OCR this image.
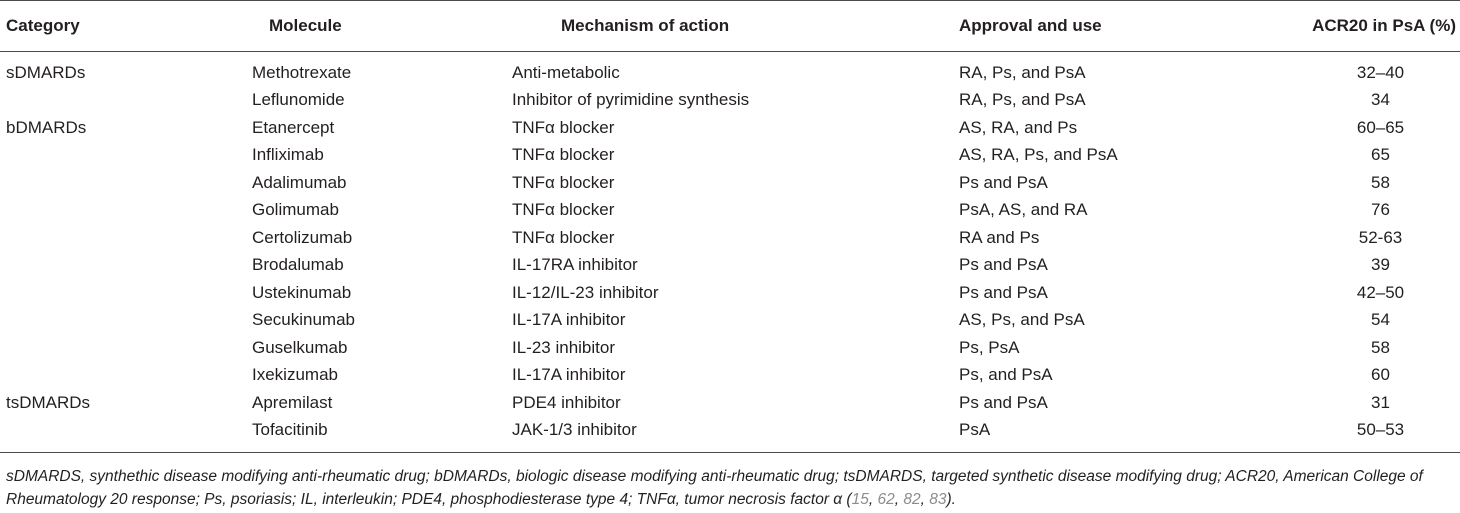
Category	Molecule	Mechanism of action	Approval and use	ACR20 in PsA (%)
sDMARDs	Methotrexate	Anti-metabolic	RA, Ps, and PsA	32–40
	Leflunomide	Inhibitor of pyrimidine synthesis	RA, Ps, and PsA	34
bDMARDs	Etanercept	TNFα blocker	AS, RA, and Ps	60–65
	Infliximab	TNFα blocker	AS, RA, Ps, and PsA	65
	Adalimumab	TNFα blocker	Ps and PsA	58
	Golimumab	TNFα blocker	PsA, AS, and RA	76
	Certolizumab	TNFα blocker	RA and Ps	52-63
	Brodalumab	IL-17RA inhibitor	Ps and PsA	39
	Ustekinumab	IL-12/IL-23 inhibitor	Ps and PsA	42–50
	Secukinumab	IL-17A inhibitor	AS, Ps, and PsA	54
	Guselkumab	IL-23 inhibitor	Ps, PsA	58
	Ixekizumab	IL-17A inhibitor	Ps, and PsA	60
tsDMARDs	Apremilast	PDE4 inhibitor	Ps and PsA	31
	Tofacitinib	JAK-1/3 inhibitor	PsA	50–53
sDMARDS, synthethic disease modifying anti-rheumatic drug; bDMARDs, biologic disease modifying anti-rheumatic drug; tsDMARDS, targeted synthetic disease modifying drug; ACR20, American College of Rheumatology 20 response; Ps, psoriasis; IL, interleukin; PDE4, phosphodiesterase type 4; TNFα, tumor necrosis factor α (15, 62, 82, 83).
